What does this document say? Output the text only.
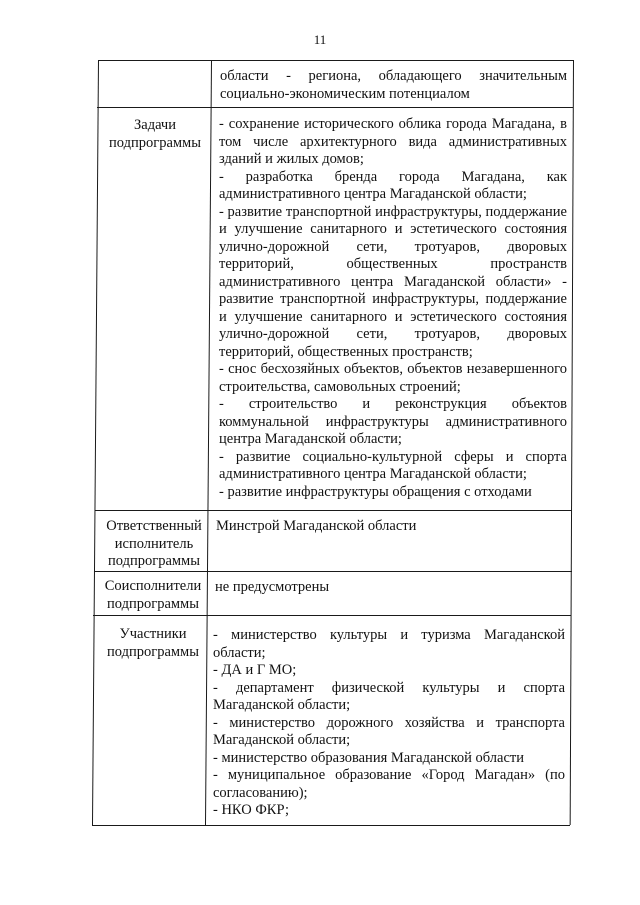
11
области - региона, обладающего значительным
социально-экономическим потенциалом
Задачи
подпрограммы
- сохранение исторического облика города Магадана, в
том числе архитектурного вида административных
зданий и жилых домов;
- разработка бренда города Магадана, как
административного центра Магаданской области;
- развитие транспортной инфраструктуры, поддержание
и улучшение санитарного и эстетического состояния
улично-дорожной сети, тротуаров, дворовых
территорий, общественных пространств
административного центра Магаданской области» -
развитие транспортной инфраструктуры, поддержание
и улучшение санитарного и эстетического состояния
улично-дорожной сети, тротуаров, дворовых
территорий, общественных пространств;
- снос бесхозяйных объектов, объектов незавершенного
строительства, самовольных строений;
- строительство и реконструкция объектов
коммунальной инфраструктуры административного
центра Магаданской области;
- развитие социально-культурной сферы и спорта
административного центра Магаданской области;
- развитие инфраструктуры обращения с отходами
Ответственный
исполнитель
подпрограммы
Минстрой Магаданской области
Соисполнители
подпрограммы
не предусмотрены
Участники
подпрограммы
- министерство культуры и туризма Магаданской
области;
- ДА и Г МО;
- департамент физической культуры и спорта
Магаданской области;
- министерство дорожного хозяйства и транспорта
Магаданской области;
- министерство образования Магаданской области
- муниципальное образование «Город Магадан» (по
согласованию);
- НКО ФКР;
